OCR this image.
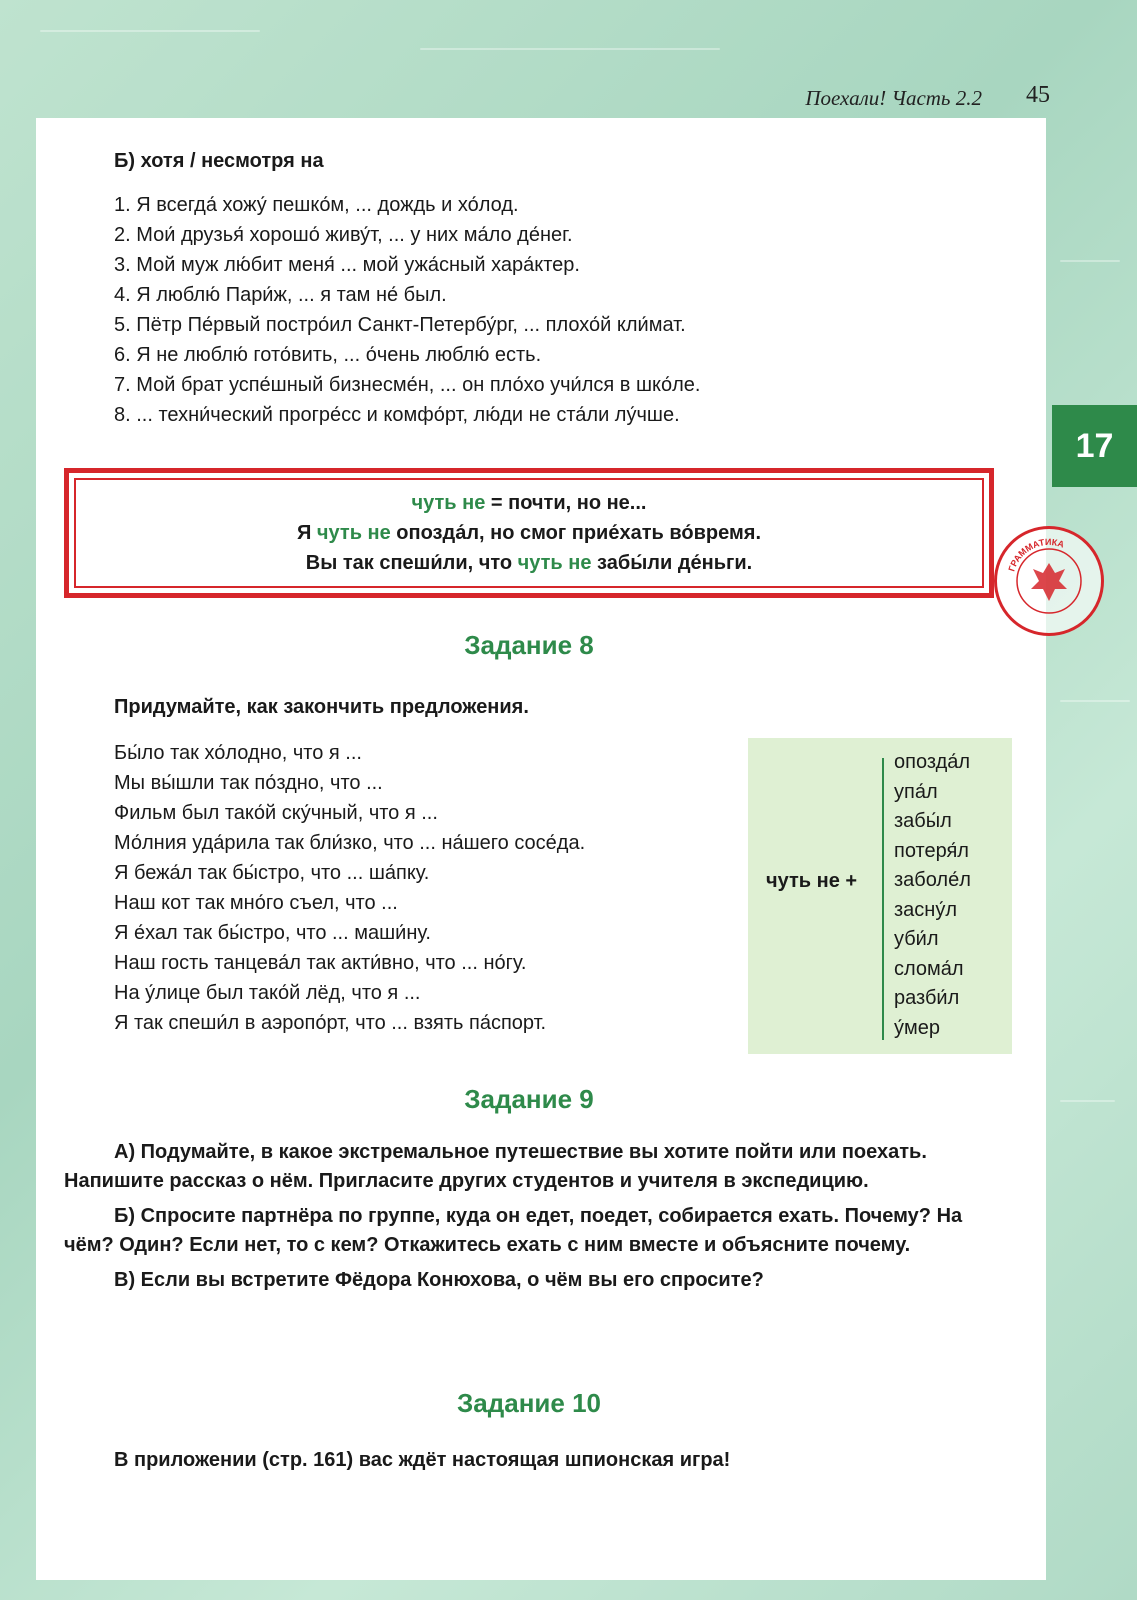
Поехали! Часть 2.2 45
17
Б) хотя / несмотря на
1. Я всегда́ хожу́ пешко́м, ... дождь и хо́лод.
2. Мои́ друзья́ хорошо́ живу́т, ... у них ма́ло де́нег.
3. Мой муж лю́бит меня́ ... мой ужа́сный хара́ктер.
4. Я люблю́ Пари́ж, ... я там не́ был.
5. Пётр Пе́рвый постро́ил Санкт-Петербу́рг, ... плохо́й кли́мат.
6. Я не люблю́ гото́вить, ... о́чень люблю́ есть.
7. Мой брат успе́шный бизнесме́н, ... он пло́хо учи́лся в шко́ле.
8. ... техни́ческий прогре́сс и комфо́рт, лю́ди не ста́ли лу́чше.
чуть не = почти, но не...
Я чуть не опозда́л, но смог прие́хать во́время.
Вы так спеши́ли, что чуть не забы́ли де́ньги.	ГРАММАТИКА
Задание 8
Придумайте, как закончить предложения.
Бы́ло так хо́лодно, что я ...
Мы вы́шли так по́здно, что ...
Фильм был тако́й ску́чный, что я ...
Мо́лния уда́рила так бли́зко, что ... на́шего сосе́да.
Я бежа́л так бы́стро, что ... ша́пку.
Наш кот так мно́го съел, что ...
Я е́хал так бы́стро, что ... маши́ну.
Наш гость танцева́л так акти́вно, что ... но́гу.
На у́лице был тако́й лёд, что я ...
Я так спеши́л в аэропо́рт, что ... взять па́спорт.
чуть не +
опозда́л
упа́л
забы́л
потеря́л
заболе́л
засну́л
уби́л
слома́л
разби́л
у́мер
Задание 9

А) Подумайте, в какое экстремальное путешествие вы хотите пойти или поехать. Напишите рассказ о нём. Пригласите других студентов и учителя в экспедицию.

Б) Спросите партнёра по группе, куда он едет, поедет, собирается ехать. Почему? На чём? Один? Если нет, то с кем? Откажитесь ехать с ним вместе и объясните почему.

В) Если вы встретите Фёдора Конюхова, о чём вы его спросите?

Задание 10
В приложении (стр. 161) вас ждёт настоящая шпионская игра!
